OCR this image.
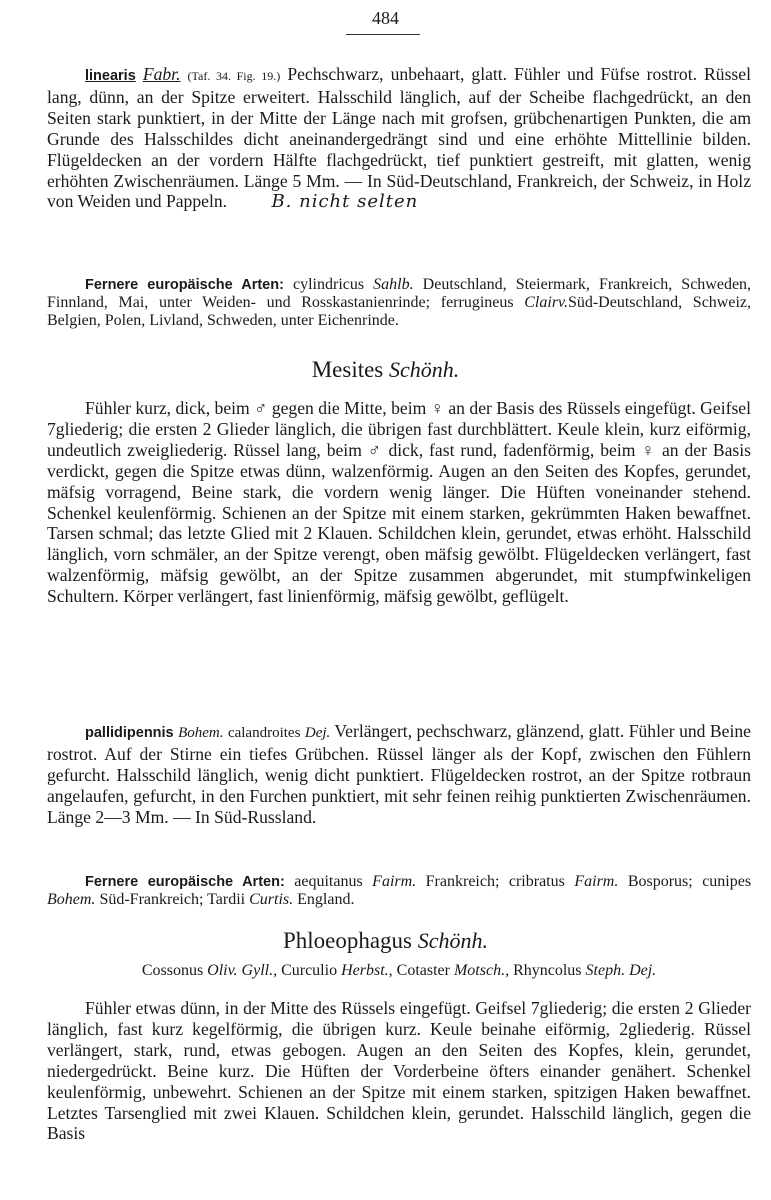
484
linearis Fabr. (Taf. 34. Fig. 19.) Pechschwarz, unbehaart, glatt. Fühler und Füfse rostrot. Rüssel lang, dünn, an der Spitze erweitert. Halsschild länglich, auf der Scheibe flachgedrückt, an den Seiten stark punktiert, in der Mitte der Länge nach mit grofsen, grübchenartigen Punkten, die am Grunde des Halsschildes dicht aneinandergedrängt sind und eine erhöhte Mittellinie bilden. Flügeldecken an der vordern Hälfte flachgedrückt, tief punktiert gestreift, mit glatten, wenig erhöhten Zwischenräumen. Länge 5 Mm. — In Süd-Deutschland, Frankreich, der Schweiz, in Holz von Weiden und Pappeln. B. nicht selten
Fernere europäische Arten: cylindricus Sahlb. Deutschland, Steiermark, Frankreich, Schweden, Finnland, Mai, unter Weiden- und Rosskastanienrinde; ferrugineus Clairv.Süd-Deutschland, Schweiz, Belgien, Polen, Livland, Schweden, unter Eichenrinde.
Mesites Schönh.
Fühler kurz, dick, beim ♂ gegen die Mitte, beim ♀ an der Basis des Rüssels eingefügt. Geifsel 7gliederig; die ersten 2 Glieder länglich, die übrigen fast durchblättert. Keule klein, kurz eiförmig, undeutlich zweigliederig. Rüssel lang, beim ♂ dick, fast rund, fadenförmig, beim ♀ an der Basis verdickt, gegen die Spitze etwas dünn, walzenförmig. Augen an den Seiten des Kopfes, gerundet, mäfsig vorragend, Beine stark, die vordern wenig länger. Die Hüften voneinander stehend. Schenkel keulenförmig. Schienen an der Spitze mit einem starken, gekrümmten Haken bewaffnet. Tarsen schmal; das letzte Glied mit 2 Klauen. Schildchen klein, gerundet, etwas erhöht. Halsschild länglich, vorn schmäler, an der Spitze verengt, oben mäfsig gewölbt. Flügeldecken verlängert, fast walzenförmig, mäfsig gewölbt, an der Spitze zusammen abgerundet, mit stumpfwinkeligen Schultern. Körper verlängert, fast linienförmig, mäfsig gewölbt, geflügelt.
pallidipennis Bohem. calandroites Dej. Verlängert, pechschwarz, glänzend, glatt. Fühler und Beine rostrot. Auf der Stirne ein tiefes Grübchen. Rüssel länger als der Kopf, zwischen den Fühlern gefurcht. Halsschild länglich, wenig dicht punktiert. Flügeldecken rostrot, an der Spitze rotbraun angelaufen, gefurcht, in den Furchen punktiert, mit sehr feinen reihig punktierten Zwischenräumen. Länge 2—3 Mm. — In Süd-Russland.
Fernere europäische Arten: aequitanus Fairm. Frankreich; cribratus Fairm. Bosporus; cunipes Bohem. Süd-Frankreich; Tardii Curtis. England.
Phloeophagus Schönh.
Cossonus Oliv. Gyll., Curculio Herbst., Cotaster Motsch., Rhyncolus Steph. Dej.
Fühler etwas dünn, in der Mitte des Rüssels eingefügt. Geifsel 7gliederig; die ersten 2 Glieder länglich, fast kurz kegelförmig, die übrigen kurz. Keule beinahe eiförmig, 2gliederig. Rüssel verlängert, stark, rund, etwas gebogen. Augen an den Seiten des Kopfes, klein, gerundet, niedergedrückt. Beine kurz. Die Hüften der Vorderbeine öfters einander genähert. Schenkel keulenförmig, unbewehrt. Schienen an der Spitze mit einem starken, spitzigen Haken bewaffnet. Letztes Tarsenglied mit zwei Klauen. Schildchen klein, gerundet. Halsschild länglich, gegen die Basis
